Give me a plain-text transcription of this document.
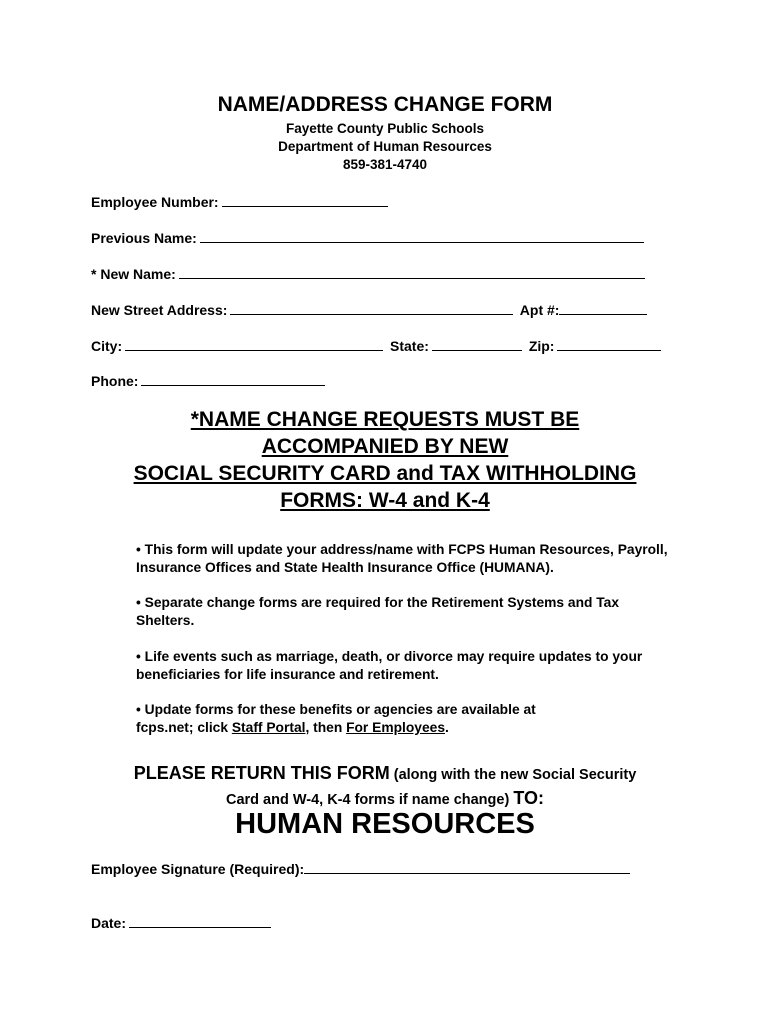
NAME/ADDRESS CHANGE FORM
Fayette County Public Schools
Department of Human Resources
859-381-4740
Employee Number:
Previous Name:
* New Name:
New Street Address:	Apt #:
City:	State:	Zip:
Phone:
*NAME CHANGE REQUESTS MUST BE
ACCOMPANIED BY NEW
SOCIAL SECURITY CARD and TAX WITHHOLDING
FORMS: W-4 and K-4
• This form will update your address/name with FCPS Human Resources, Payroll, Insurance Offices and State Health Insurance Office (HUMANA).
• Separate change forms are required for the Retirement Systems and Tax Shelters.
• Life events such as marriage, death, or divorce may require updates to your beneficiaries for life insurance and retirement.
• Update forms for these benefits or agencies are available at fcps.net; click Staff Portal, then For Employees.
PLEASE RETURN THIS FORM (along with the new Social Security
Card and W-4, K-4 forms if name change) TO:
HUMAN RESOURCES
Employee Signature (Required):
Date:
